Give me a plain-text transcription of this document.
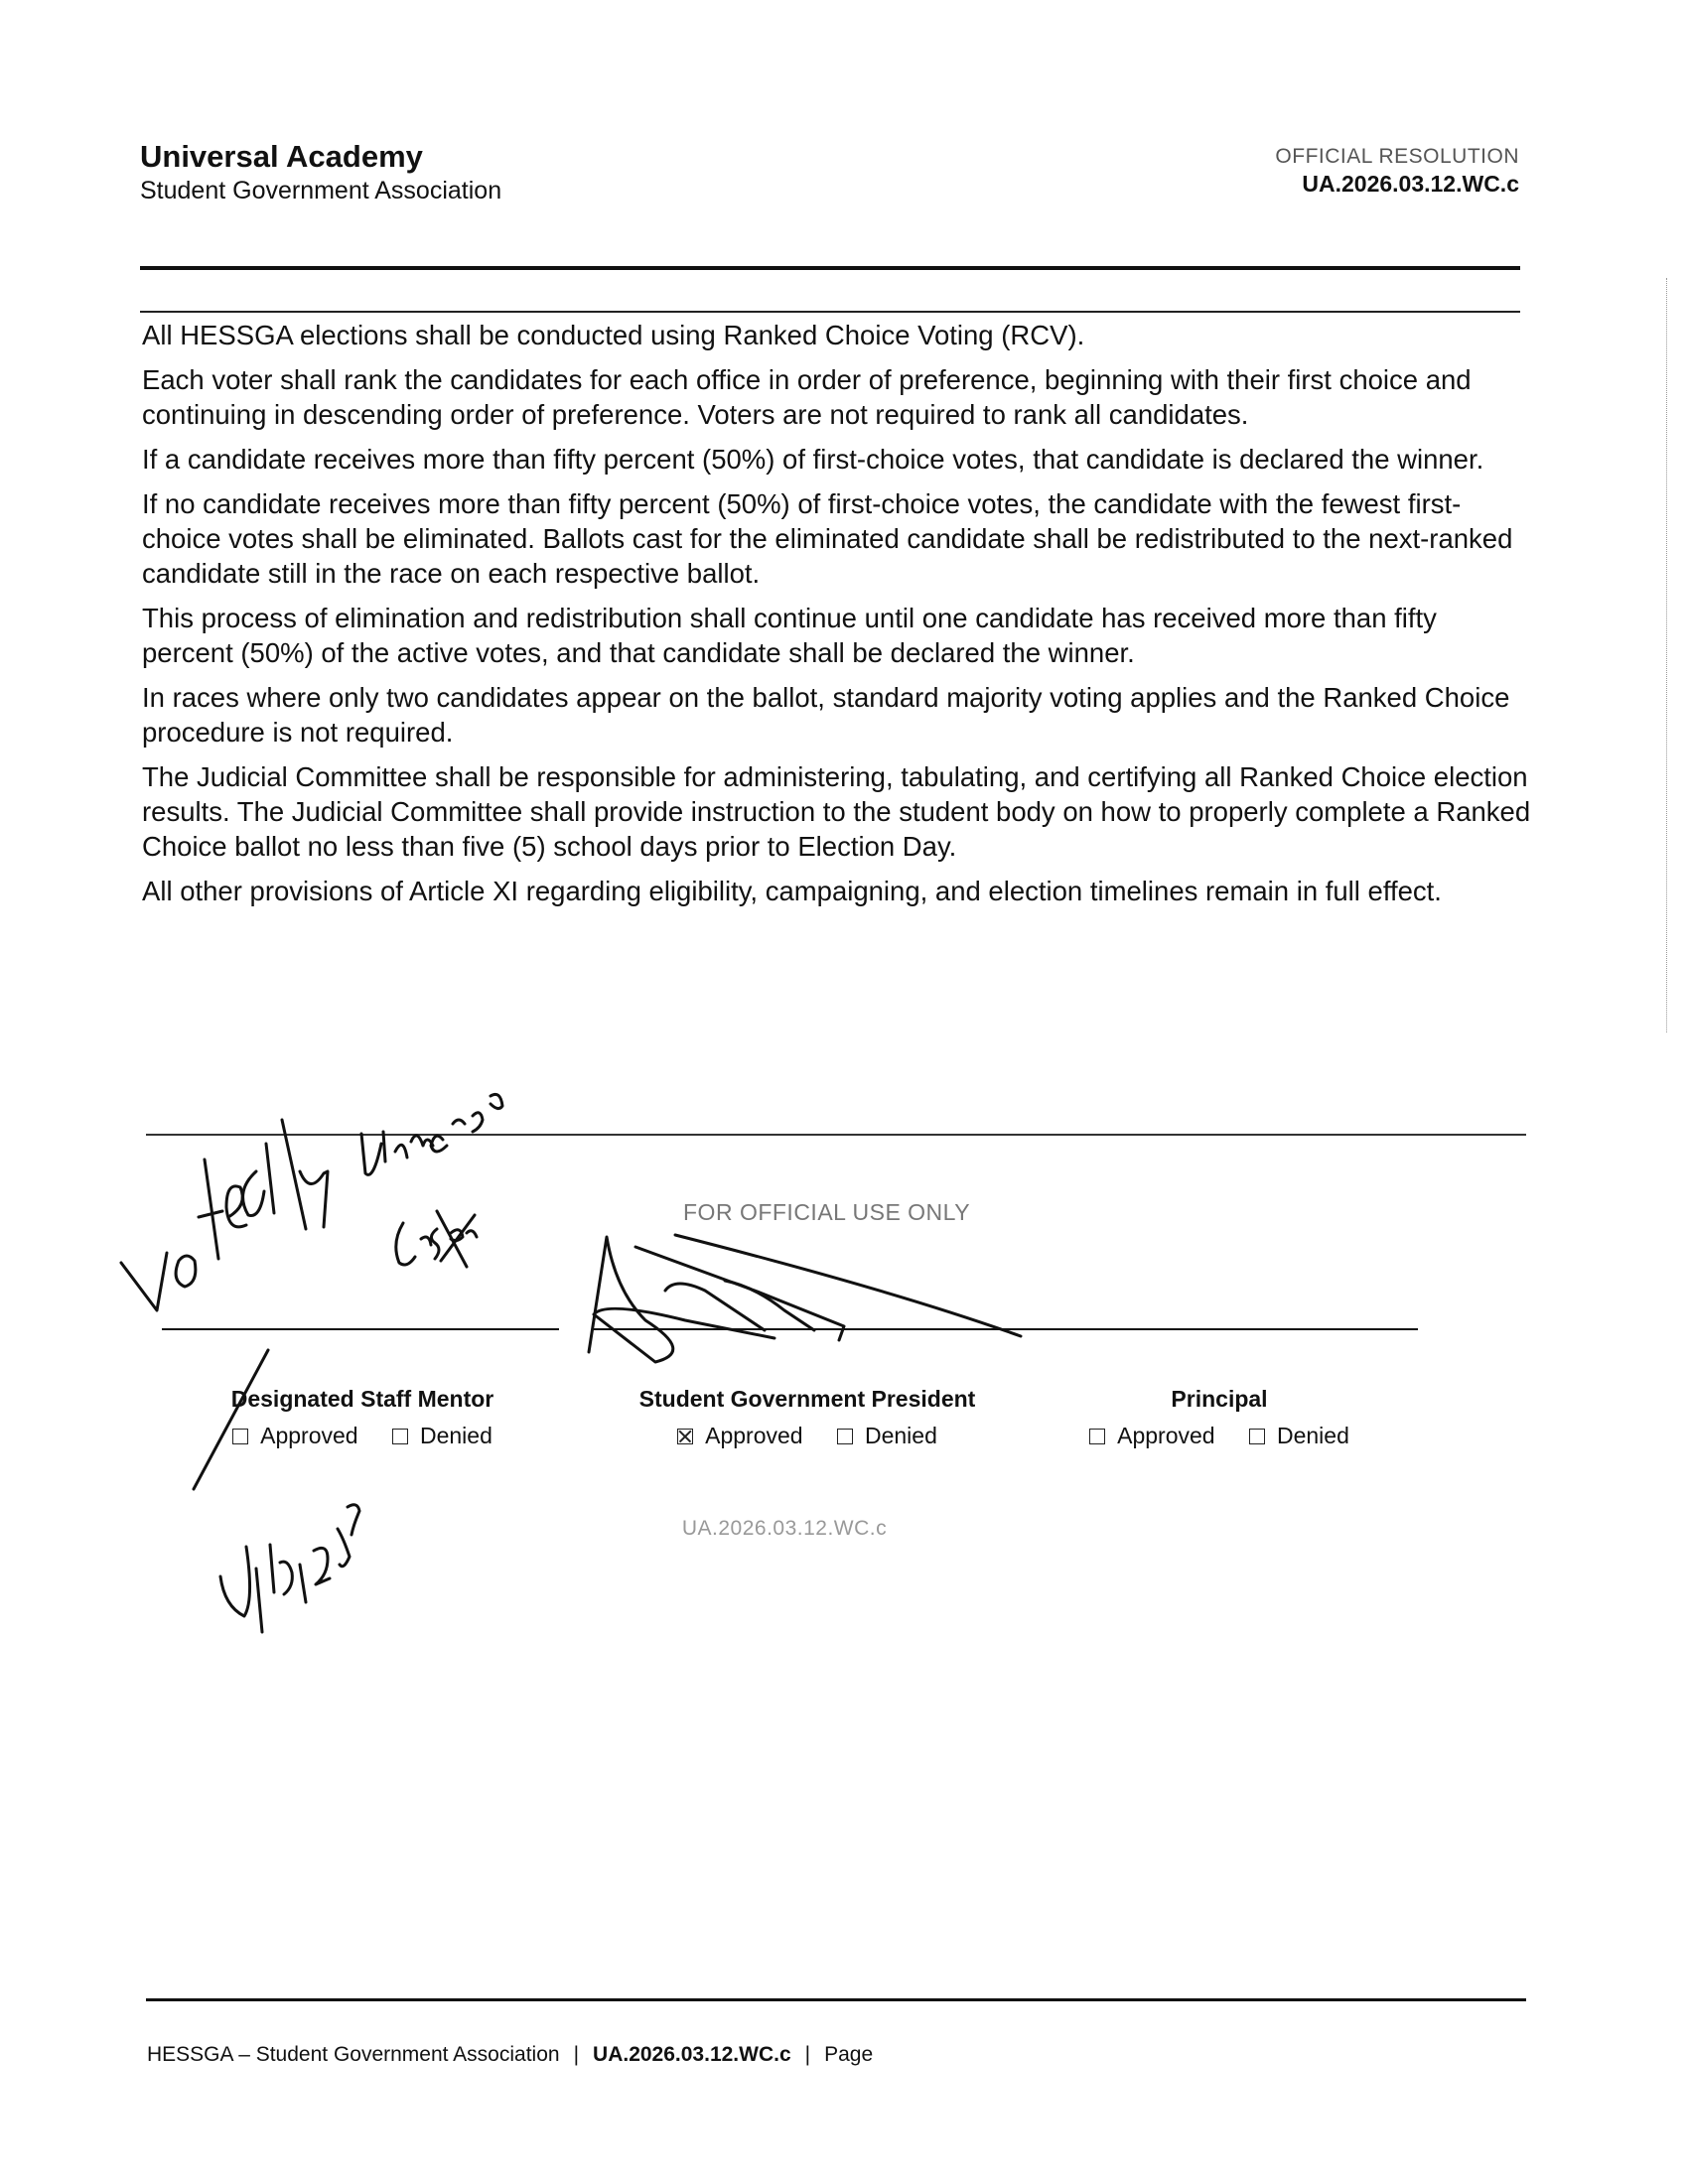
Universal Academy
Student Government Association
OFFICIAL RESOLUTION
UA.2026.03.12.WC.c

All HESSGA elections shall be conducted using Ranked Choice Voting (RCV).

Each voter shall rank the candidates for each office in order of preference, beginning with their first choice and continuing in descending order of preference. Voters are not required to rank all candidates.

If a candidate receives more than fifty percent (50%) of first-choice votes, that candidate is declared the winner.

If no candidate receives more than fifty percent (50%) of first-choice votes, the candidate with the fewest first-choice votes shall be eliminated. Ballots cast for the eliminated candidate shall be redistributed to the next-ranked candidate still in the race on each respective ballot.

This process of elimination and redistribution shall continue until one candidate has received more than fifty percent (50%) of the active votes, and that candidate shall be declared the winner.

In races where only two candidates appear on the ballot, standard majority voting applies and the Ranked Choice procedure is not required.

The Judicial Committee shall be responsible for administering, tabulating, and certifying all Ranked Choice election results. The Judicial Committee shall provide instruction to the student body on how to properly complete a Ranked Choice ballot no less than five (5) school days prior to Election Day.

All other provisions of Article XI regarding eligibility, campaigning, and election timelines remain in full effect.

FOR OFFICIAL USE ONLY
Designated Staff Mentor
Approved	Denied
Student Government President
Approved	Denied
Principal
Approved	Denied
UA.2026.03.12.WC.c
HESSGA – Student Government Association | UA.2026.03.12.WC.c | Page
